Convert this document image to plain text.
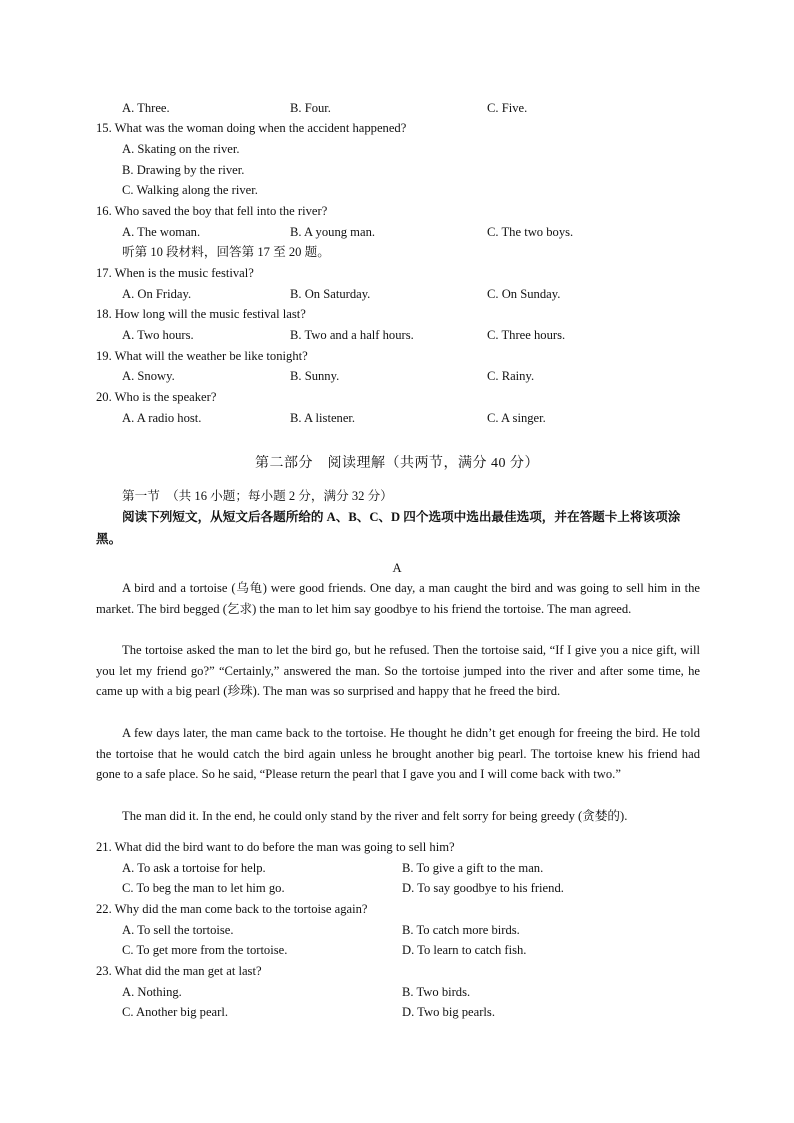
A. Three.	B. Four.	C. Five.
15. What was the woman doing when the accident happened?
A. Skating on the river.
B. Drawing by the river.
C. Walking along the river.
16. Who saved the boy that fell into the river?
A. The woman.	B. A young man.	C. The two boys.
听第 10 段材料，回答第 17 至 20 题。
17. When is the music festival?
A. On Friday.	B. On Saturday.	C. On Sunday.
18. How long will the music festival last?
A. Two hours.	B. Two and a half hours.	C. Three hours.
19. What will the weather be like tonight?
A. Snowy.	B. Sunny.	C. Rainy.
20. Who is the speaker?
A. A radio host.	B. A listener.	C. A singer.
第二部分　阅读理解（共两节，满分 40 分）
第一节　（共 16 小题；每小题 2 分，满分 32 分）

阅读下列短文，从短文后各题所给的 A、B、C、D 四个选项中选出最佳选项，并在答题卡上将该项涂黑。

A

A bird and a tortoise (乌龟) were good friends. One day, a man caught the bird and was going to sell him in the market. The bird begged (乞求) the man to let him say goodbye to his friend the tortoise. The man agreed.

The tortoise asked the man to let the bird go, but he refused. Then the tortoise said, “If I give you a nice gift, will you let my friend go?” “Certainly,” answered the man. So the tortoise jumped into the river and after some time, he came up with a big pearl (珍珠). The man was so surprised and happy that he freed the bird.

A few days later, the man came back to the tortoise. He thought he didn’t get enough for freeing the bird. He told the tortoise that he would catch the bird again unless he brought another big pearl. The tortoise knew his friend had gone to a safe place. So he said, “Please return the pearl that I gave you and I will come back with two.”

The man did it. In the end, he could only stand by the river and felt sorry for being greedy (贪婪的).

21. What did the bird want to do before the man was going to sell him?
A. To ask a tortoise for help.	B. To give a gift to the man.
C. To beg the man to let him go.	D. To say goodbye to his friend.
22. Why did the man come back to the tortoise again?
A. To sell the tortoise.	B. To catch more birds.
C. To get more from the tortoise.	D. To learn to catch fish.
23. What did the man get at last?
A. Nothing.	B. Two birds.
C. Another big pearl.	D. Two big pearls.
